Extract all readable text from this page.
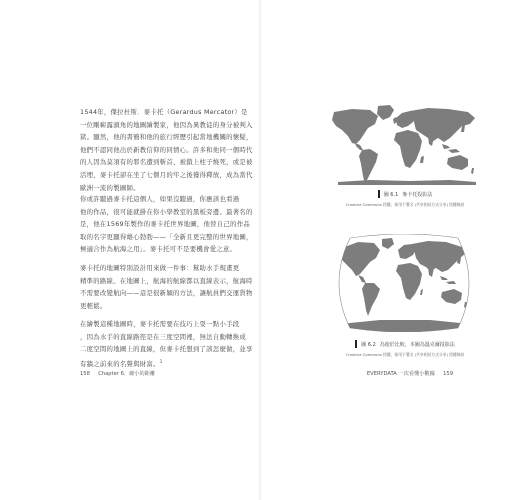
1544年，傑拉杜斯．麥卡托（Gerardus Mercator）是
一位剛嶄露頭角的地圖繪製家，他因為異教徒的身分被判入
獄。顯然，他的書簡和他的旅行經歷引起當地機關的懷疑，
他們不認同他出於新教信仰的同情心。許多和他同一個時代
的人因為莫須有的罪名遭到斬首、被鎖上柱子燒死，或是被
活埋，麥卡托卻在坐了七個月的牢之後獲得釋放，成為當代
歐洲一流的製圖師。

你或許聽過麥卡托這個人，如果沒聽過，你應該也看過
他的作品，很可能就掛在你小學教室的黑板旁邊。最著名的
是，他在1569年製作的麥卡托世界地圖，他替自己的作品
取的名字更顯得雄心勃勃——「全新且更完整的世界地圖，
極適合作為航海之用」。麥卡托可不是要機會愛之意。

麥卡托的地圖特別設計用來做一件事：幫助水手規畫更
精準的路線。在地圖上，航海的航線都以直線表示，航海時
不需要改變航向——這是很新穎的方法，讓航員們交運貨物
更輕鬆。

在繪製這種地圖時，麥卡托需要在技巧上耍一點小手段
，因為水手的直線路徑是在三度空間裡，無法自動轉換成
二度空間的地圖上的直線，但麥卡托想到了該怎麼做，並享
有牆之前來的名聲與財富。$^1$

158 Chapter 6．縮小的距離
圖 6.1 麥卡托投影法
Creative Commons 授權，採用不署名 (共享相同方式分享) 授權條款
圖 6.2 為使於比較，本圖為溫克爾投影法
Creative Commons 授權，採用不署名 (共享相同方式分享) 授權條款
EVERYDATA 一次看懂小數據 159
